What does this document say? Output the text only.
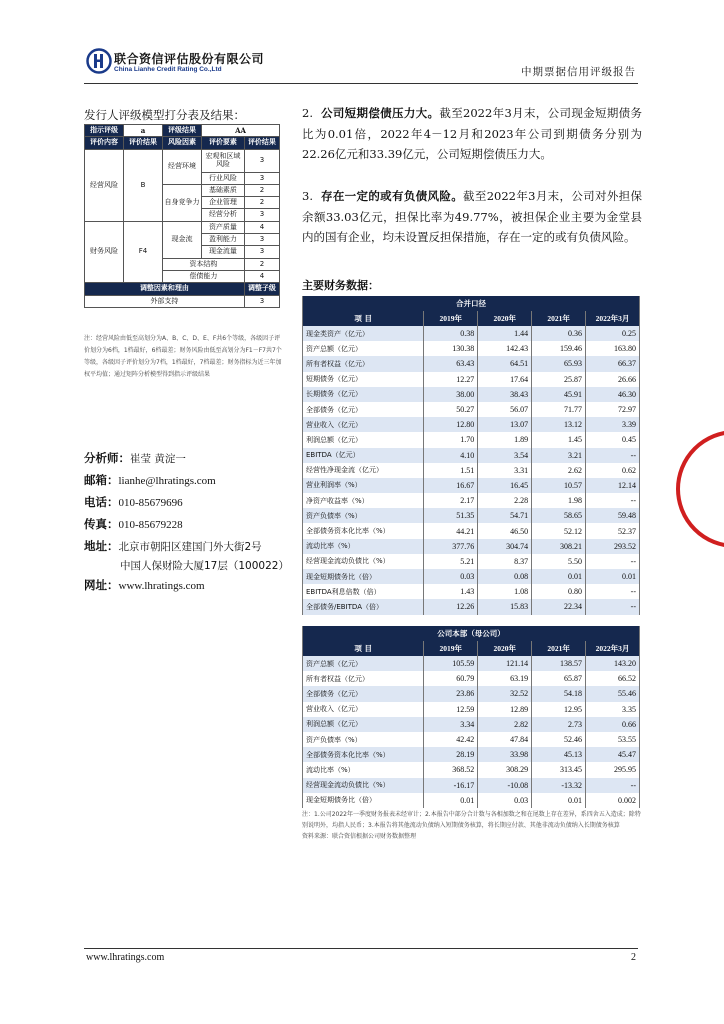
联合资信评估股份有限公司
China Lianhe Credit Rating Co.,Ltd	中期票据信用评级报告
发行人评级模型打分表及结果：
指示评级	a	评级结果	AA	
评价内容	评价结果	风险因素	评价要素	评价结果
经营风险	B	经营环境	宏观和区域风险	3
			行业风险	3
		自身竞争力	基础素质	2
			企业管理	2
			经营分析	3
财务风险	F4	现金流	资产质量	4
			盈利能力	3
			现金流量	3
		资本结构		2
		偿债能力		4
调整因素和理由				调整子级
外部支持				3
注：经营风险由低至高划分为A、B、C、D、E、F共6个等级，各级因子评价划分为6档，1档最好，6档最差；财务风险由低至高划分为F1－F7共7个等级，各级因子评价划分为7档，1档最好，7档最差；财务指标为近三年加权平均值；通过矩阵分析模型得到指示评级结果
分析师：崔莹 黄淀一
邮箱：lianhe@lhratings.com
电话：010-85679696
传真：010-85679228
地址：北京市朝阳区建国门外大街2号
中国人保财险大厦17层（100022）
网址：www.lhratings.com
2. 公司短期偿债压力大。截至2022年3月末，公司现金短期债务比为0.01倍，2022年4－12月和2023年公司到期债务分别为22.26亿元和33.39亿元，公司短期偿债压力大。
3. 存在一定的或有负债风险。截至2022年3月末，公司对外担保余额33.03亿元，担保比率为49.77%，被担保企业主要为金堂县内的国有企业，均未设置反担保措施，存在一定的或有负债风险。
主要财务数据：
合并口径				
项 目	2019年	2020年	2021年	2022年3月
现金类资产（亿元）	0.38	1.44	0.36	0.25
资产总额（亿元）	130.38	142.43	159.46	163.80
所有者权益（亿元）	63.43	64.51	65.93	66.37
短期债务（亿元）	12.27	17.64	25.87	26.66
长期债务（亿元）	38.00	38.43	45.91	46.30
全部债务（亿元）	50.27	56.07	71.77	72.97
营业收入（亿元）	12.80	13.07	13.12	3.39
利润总额（亿元）	1.70	1.89	1.45	0.45
EBITDA（亿元）	4.10	3.54	3.21	--
经营性净现金流（亿元）	1.51	3.31	2.62	0.62
营业利润率（%）	16.67	16.45	10.57	12.14
净资产收益率（%）	2.17	2.28	1.98	--
资产负债率（%）	51.35	54.71	58.65	59.48
全部债务资本化比率（%）	44.21	46.50	52.12	52.37
流动比率（%）	377.76	304.74	308.21	293.52
经营现金流动负债比（%）	5.21	8.37	5.50	--
现金短期债务比（倍）	0.03	0.08	0.01	0.01
EBITDA利息倍数（倍）	1.43	1.08	0.80	--
全部债务/EBITDA（倍）	12.26	15.83	22.34	--
公司本部（母公司）				
项 目	2019年	2020年	2021年	2022年3月
资产总额（亿元）	105.59	121.14	138.57	143.20
所有者权益（亿元）	60.79	63.19	65.87	66.52
全部债务（亿元）	23.86	32.52	54.18	55.46
营业收入（亿元）	12.59	12.89	12.95	3.35
利润总额（亿元）	3.34	2.82	2.73	0.66
资产负债率（%）	42.42	47.84	52.46	53.55
全部债务资本化比率（%）	28.19	33.98	45.13	45.47
流动比率（%）	368.52	308.29	313.45	295.95
经营现金流动负债比（%）	-16.17	-10.08	-13.32	--
现金短期债务比（倍）	0.01	0.03	0.01	0.002
注：1.公司2022年一季度财务报表未经审计；2.本报告中部分合计数与各相加数之和在尾数上存在差异，系四舍五入造成；除特别说明外，均指人民币；3.本报告将其他流动负债纳入短期债务核算，将长期应付款、其他非流动负债纳入长期债务核算
资料来源：联合资信根据公司财务数据整理
www.lhratings.com	2
